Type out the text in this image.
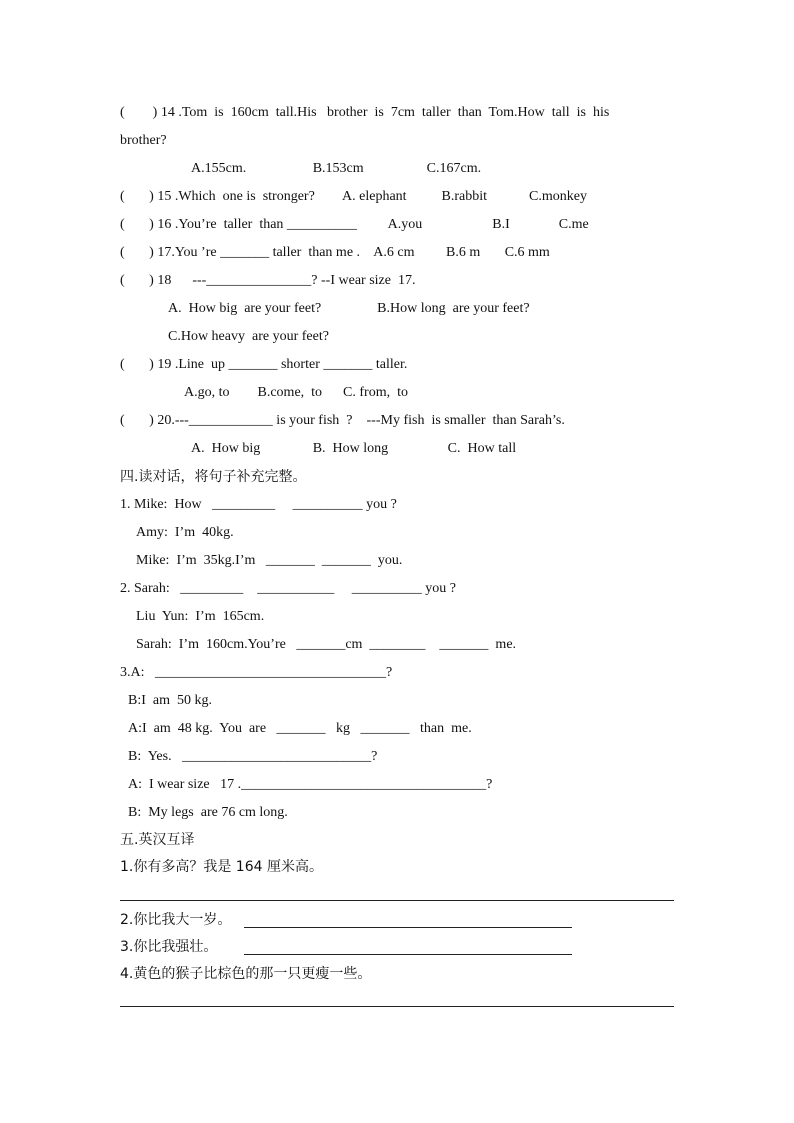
(        ) 14 .Tom  is  160cm  tall.His   brother  is  7cm  taller  than  Tom.How  tall  is  his
brother?
A.155cm.                   B.153cm                  C.167cm.
(       ) 15 .Which  one is  stronger?        A. elephant          B.rabbit            C.monkey
(       ) 16 .You’re  taller  than __________         A.you                    B.I              C.me
(       ) 17.You ’re _______ taller  than me .    A.6 cm         B.6 m       C.6 mm
(       ) 18      ---_______________? --I wear size  17.
A.  How big  are your feet?                B.How long  are your feet?
C.How heavy  are your feet?
(       ) 19 .Line  up _______ shorter _______ taller.
A.go, to        B.come,  to      C. from,  to
(       ) 20.---____________ is your fish  ?    ---My fish  is smaller  than Sarah’s.
A.  How big               B.  How long                 C.  How tall
四.读对话，将句子补充完整。
1. Mike:  How   _________     __________ you ?
Amy:  I’m  40kg.
Mike:  I’m  35kg.I’m   _______  _______  you.
2. Sarah:   _________    ___________     __________ you ?
Liu  Yun:  I’m  165cm.
Sarah:  I’m  160cm.You’re   _______cm  ________    _______  me.
3.A:   _________________________________?
B:I  am  50 kg.
A:I  am  48 kg.  You  are   _______   kg   _______   than  me.
B:  Yes.   ___________________________?
A:  I wear size   17 .___________________________________?
B:  My legs  are 76 cm long.
五.英汉互译
1.你有多高？我是 164 厘米高。
2.你比我大一岁。
3.你比我强壮。
4.黄色的猴子比棕色的那一只更瘦一些。
